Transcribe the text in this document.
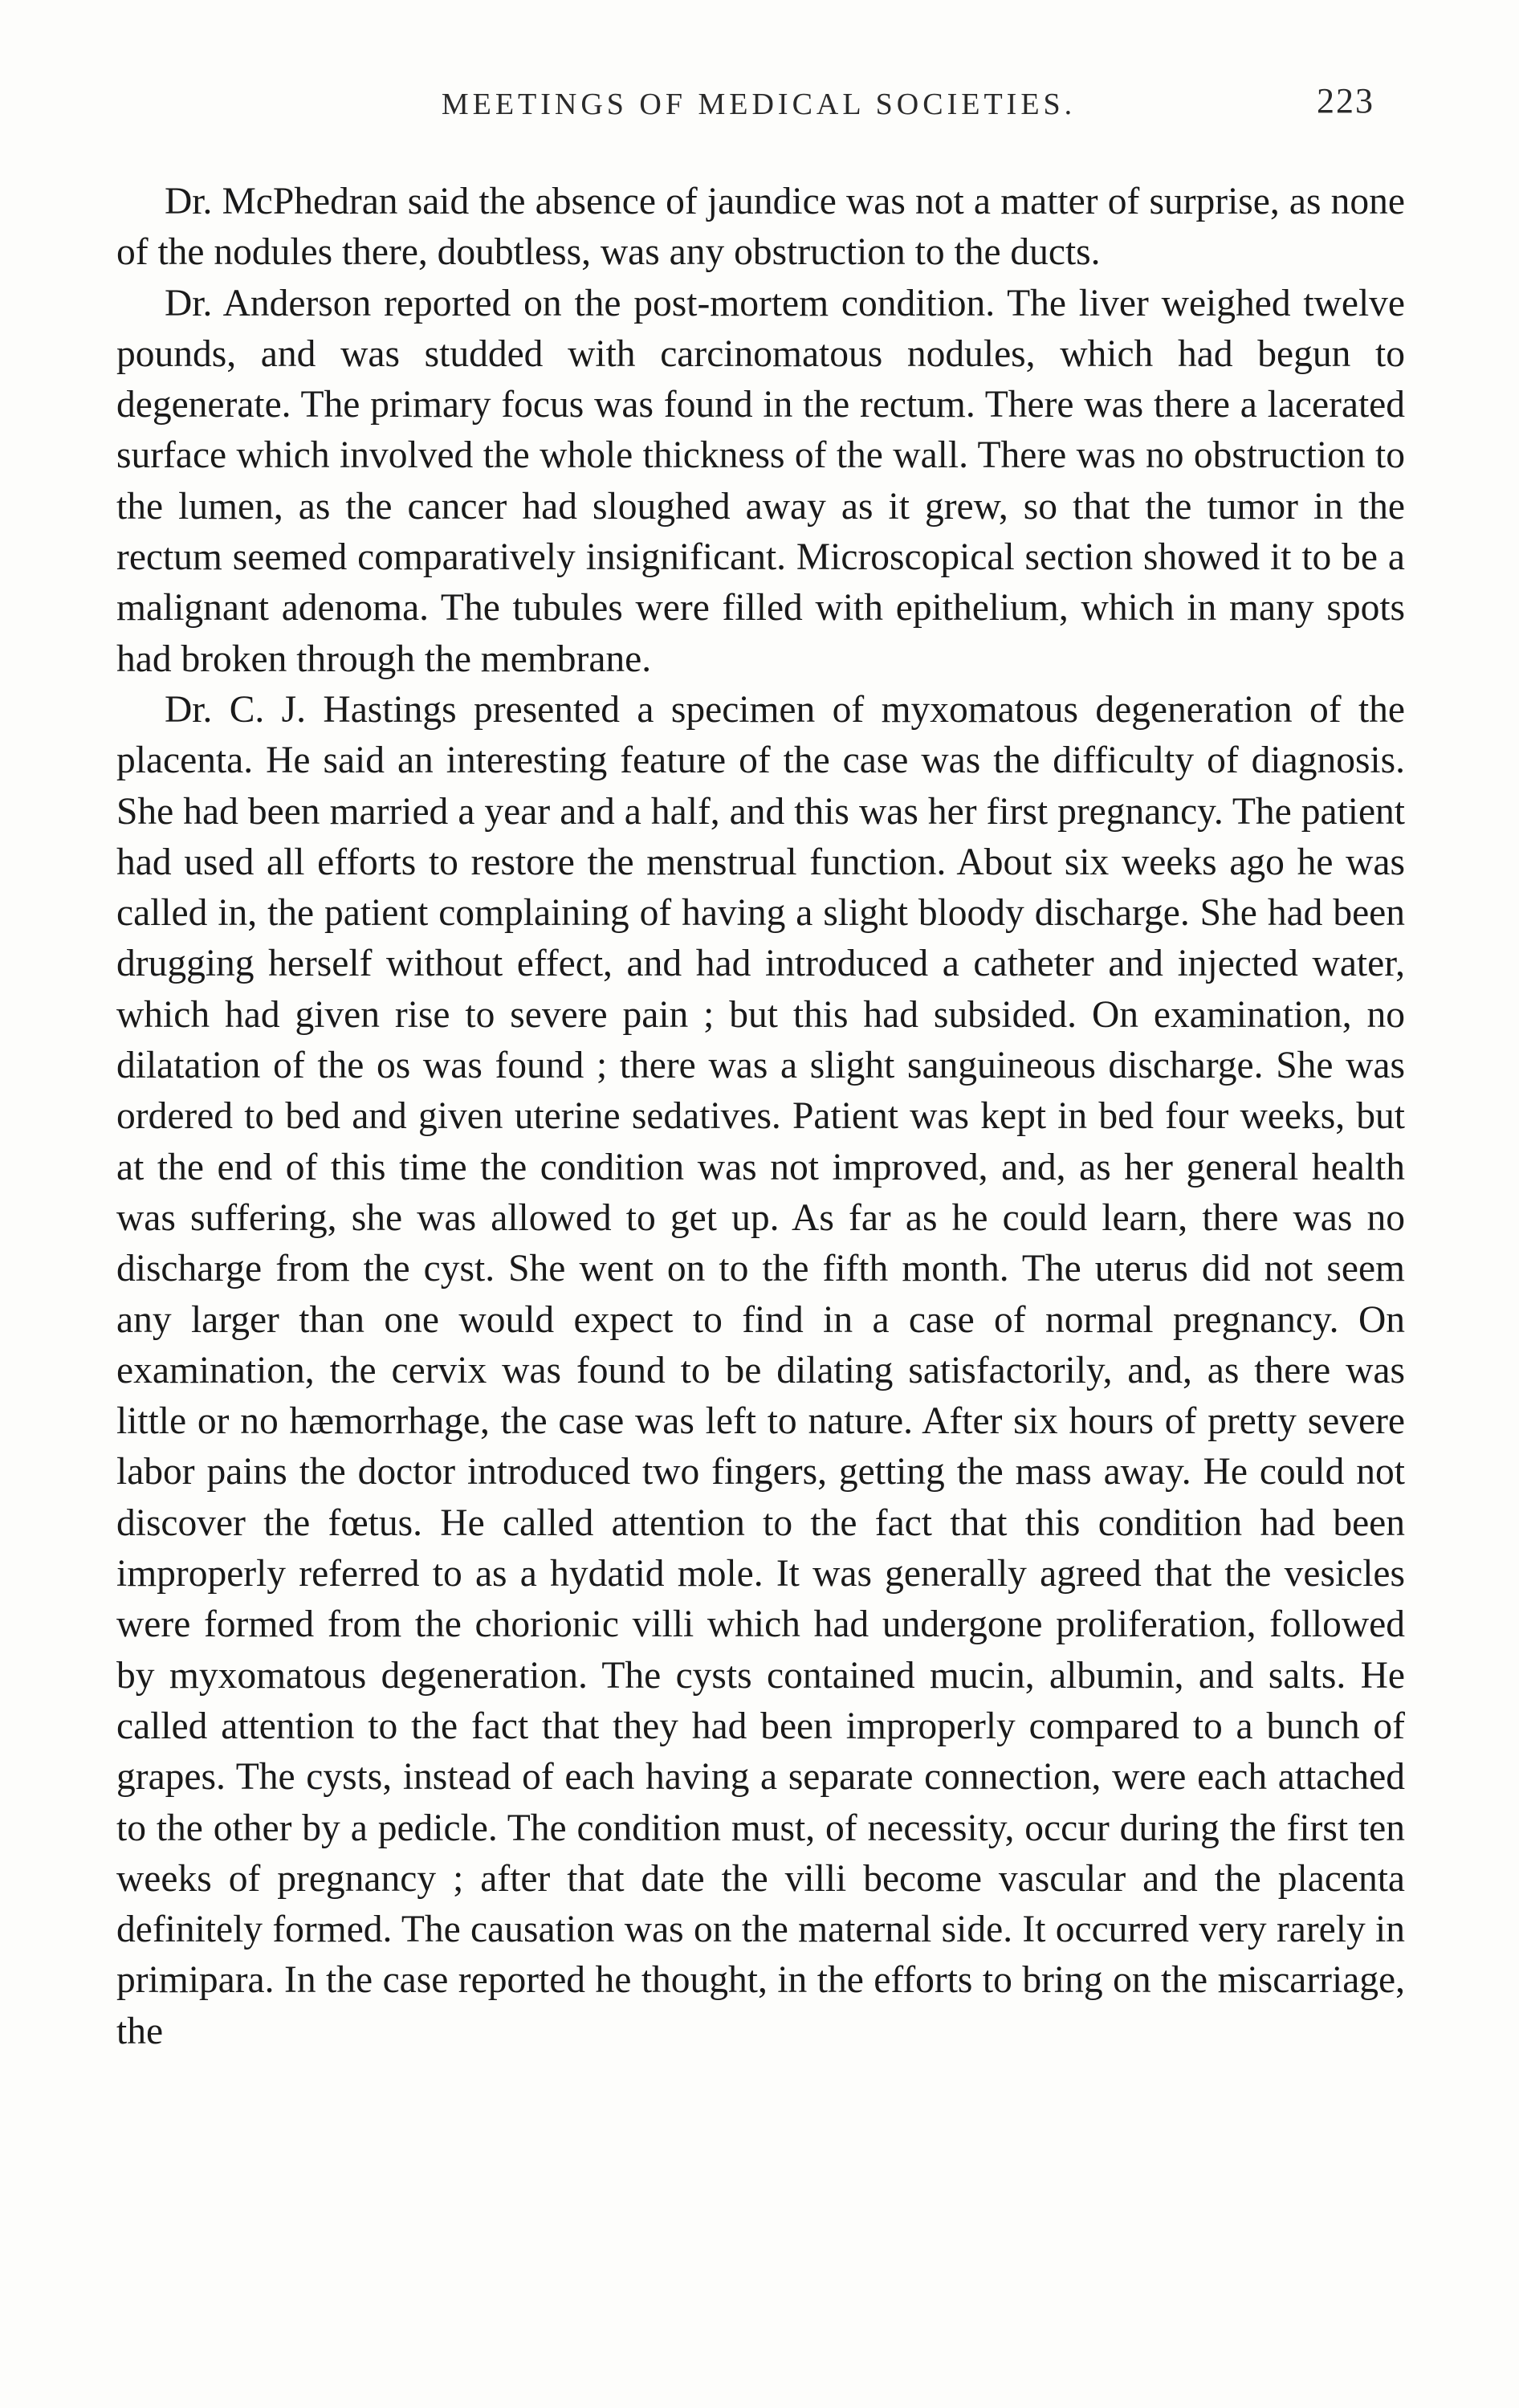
MEETINGS OF MEDICAL SOCIETIES.	223

Dr. McPhedran said the absence of jaundice was not a matter of surprise, as none of the nodules there, doubtless, was any obstruction to the ducts.

Dr. Anderson reported on the post-mortem condition. The liver weighed twelve pounds, and was studded with carcinomatous nodules, which had begun to degenerate. The primary focus was found in the rectum. There was there a lacerated surface which involved the whole thickness of the wall. There was no obstruction to the lumen, as the cancer had sloughed away as it grew, so that the tumor in the rectum seemed comparatively insignificant. Microscopical section showed it to be a malignant adenoma. The tubules were filled with epithelium, which in many spots had broken through the membrane.

Dr. C. J. Hastings presented a specimen of myxomatous degeneration of the placenta. He said an interesting feature of the case was the difficulty of diagnosis. She had been married a year and a half, and this was her first pregnancy. The patient had used all efforts to restore the menstrual function. About six weeks ago he was called in, the patient complaining of having a slight bloody discharge. She had been drugging herself without effect, and had introduced a catheter and injected water, which had given rise to severe pain ; but this had subsided. On examination, no dilatation of the os was found ; there was a slight sanguineous discharge. She was ordered to bed and given uterine sedatives. Patient was kept in bed four weeks, but at the end of this time the condition was not improved, and, as her general health was suffering, she was allowed to get up. As far as he could learn, there was no discharge from the cyst. She went on to the fifth month. The uterus did not seem any larger than one would expect to find in a case of normal pregnancy. On examination, the cervix was found to be dilating satisfactorily, and, as there was little or no hæmorrhage, the case was left to nature. After six hours of pretty severe labor pains the doctor introduced two fingers, getting the mass away. He could not discover the fœtus. He called attention to the fact that this condition had been improperly referred to as a hydatid mole. It was generally agreed that the vesicles were formed from the chorionic villi which had undergone proliferation, followed by myxomatous degeneration. The cysts contained mucin, albumin, and salts. He called attention to the fact that they had been improperly compared to a bunch of grapes. The cysts, instead of each having a separate connection, were each attached to the other by a pedicle. The condition must, of necessity, occur during the first ten weeks of pregnancy ; after that date the villi become vascular and the placenta definitely formed. The causation was on the maternal side. It occurred very rarely in primipara. In the case reported he thought, in the efforts to bring on the miscarriage, the
